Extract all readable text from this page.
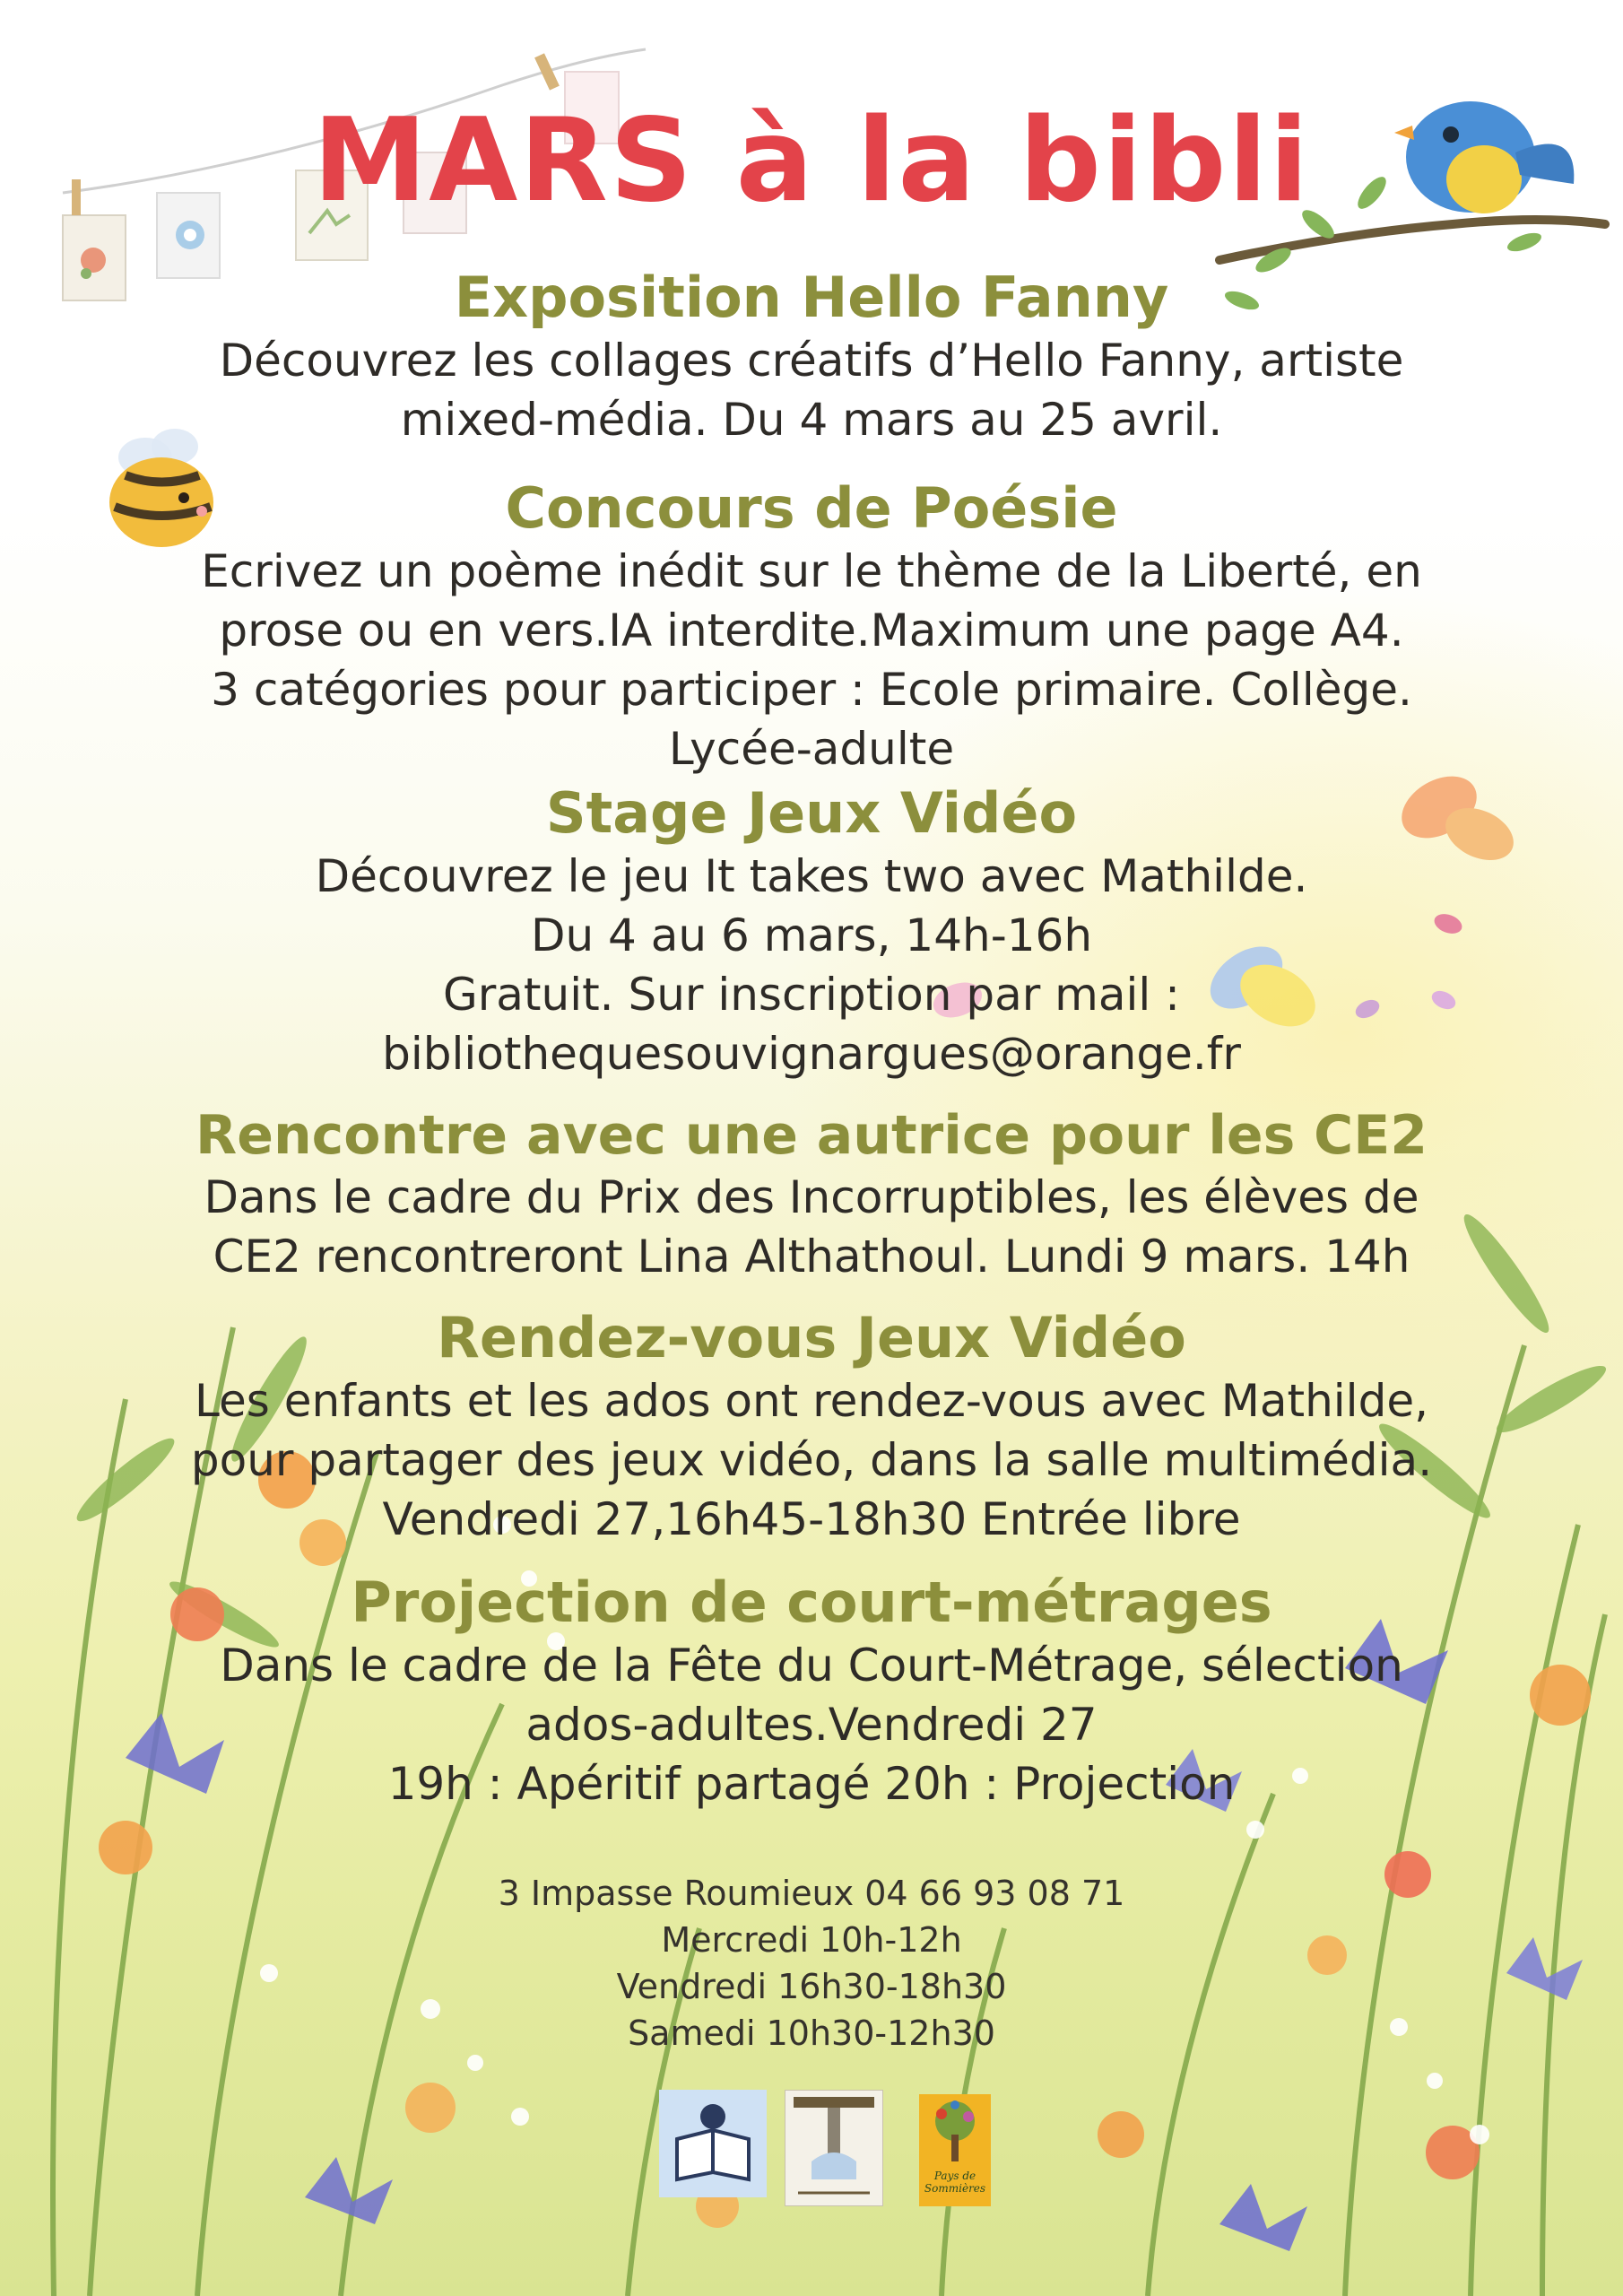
MARS à la bibli
Exposition Hello Fanny
Découvrez les collages créatifs d’Hello Fanny, artiste
mixed-média. Du 4 mars au 25 avril.
Concours de Poésie
Ecrivez un poème inédit sur le thème de la Liberté, en
prose ou en vers.IA interdite.Maximum une page A4.
3 catégories pour participer : Ecole primaire. Collège.
Lycée-adulte
Stage Jeux Vidéo
Découvrez le jeu It takes two avec Mathilde.
Du 4 au 6 mars, 14h-16h
Gratuit. Sur inscription par mail :
bibliothequesouvignargues@orange.fr
Rencontre avec une autrice pour les CE2
Dans le cadre du Prix des Incorruptibles, les élèves de
CE2 rencontreront Lina Althathoul. Lundi 9 mars. 14h
Rendez-vous Jeux Vidéo
Les enfants et les ados ont rendez-vous avec Mathilde,
pour partager des jeux vidéo, dans la salle multimédia.
Vendredi 27,16h45-18h30 Entrée libre
Projection de court-métrages
Dans le cadre de la Fête du Court-Métrage, sélection
ados-adultes.Vendredi 27
19h : Apéritif partagé 20h : Projection
3 Impasse Roumieux 04 66 93 08 71
Mercredi 10h-12h
Vendredi 16h30-18h30
Samedi 10h30-12h30
Pays de Sommières
